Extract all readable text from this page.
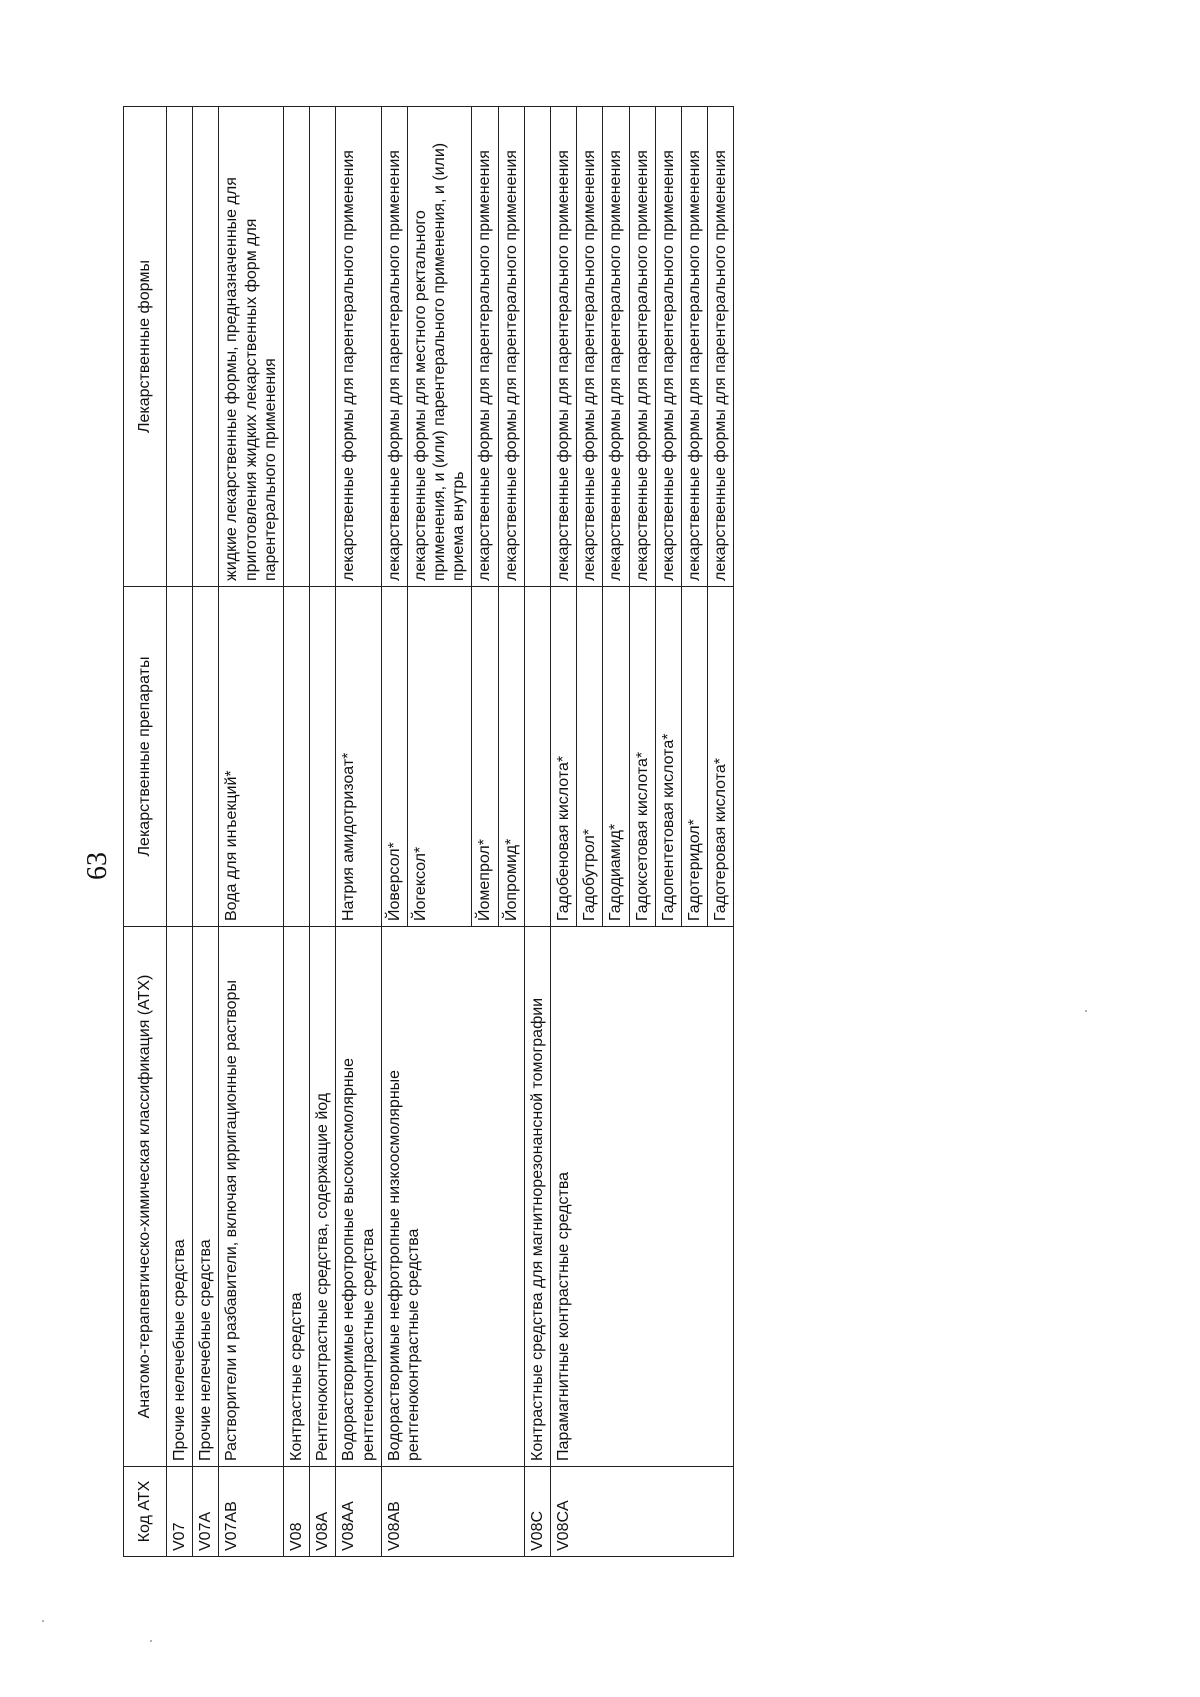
63
Код АТХ	Анатомо-терапевтическо-химическая классификация (АТХ)	Лекарственные препараты	Лекарственные формы
V07	Прочие нелечебные средства		
V07A	Прочие нелечебные средства		
V07AB	Растворители и разбавители, включая ирригационные растворы	Вода для инъекций*	жидкие лекарственные формы, предназначенные для приготовления жидких лекарственных форм для парентерального применения
V08	Контрастные средства		
V08A	Рентгеноконтрастные средства, содержащие йод		
V08AA	Водорастворимые нефротропные высокоосмолярные рентгеноконтрастные средства	Натрия амидотризоат*	лекарственные формы для парентерального применения
V08AB	Водорастворимые нефротропные низкоосмолярные рентгеноконтрастные средства	Йоверсол*	лекарственные формы для парентерального применения
		Йогексол*	лекарственные формы для местного ректального применения, и (или) парентерального применения, и (или) приема внутрь
		Йомепрол*	лекарственные формы для парентерального применения
		Йопромид*	лекарственные формы для парентерального применения
V08C	Контрастные средства для магнитнорезонансной томографии		
V08CA	Парамагнитные контрастные средства	Гадобеновая кислота*	лекарственные формы для парентерального применения
		Гадобутрол*	лекарственные формы для парентерального применения
		Гадодиамид*	лекарственные формы для парентерального применения
		Гадоксетовая кислота*	лекарственные формы для парентерального применения
		Гадопентетовая кислота*	лекарственные формы для парентерального применения
		Гадотеридол*	лекарственные формы для парентерального применения
		Гадотеровая кислота*	лекарственные формы для парентерального применения
